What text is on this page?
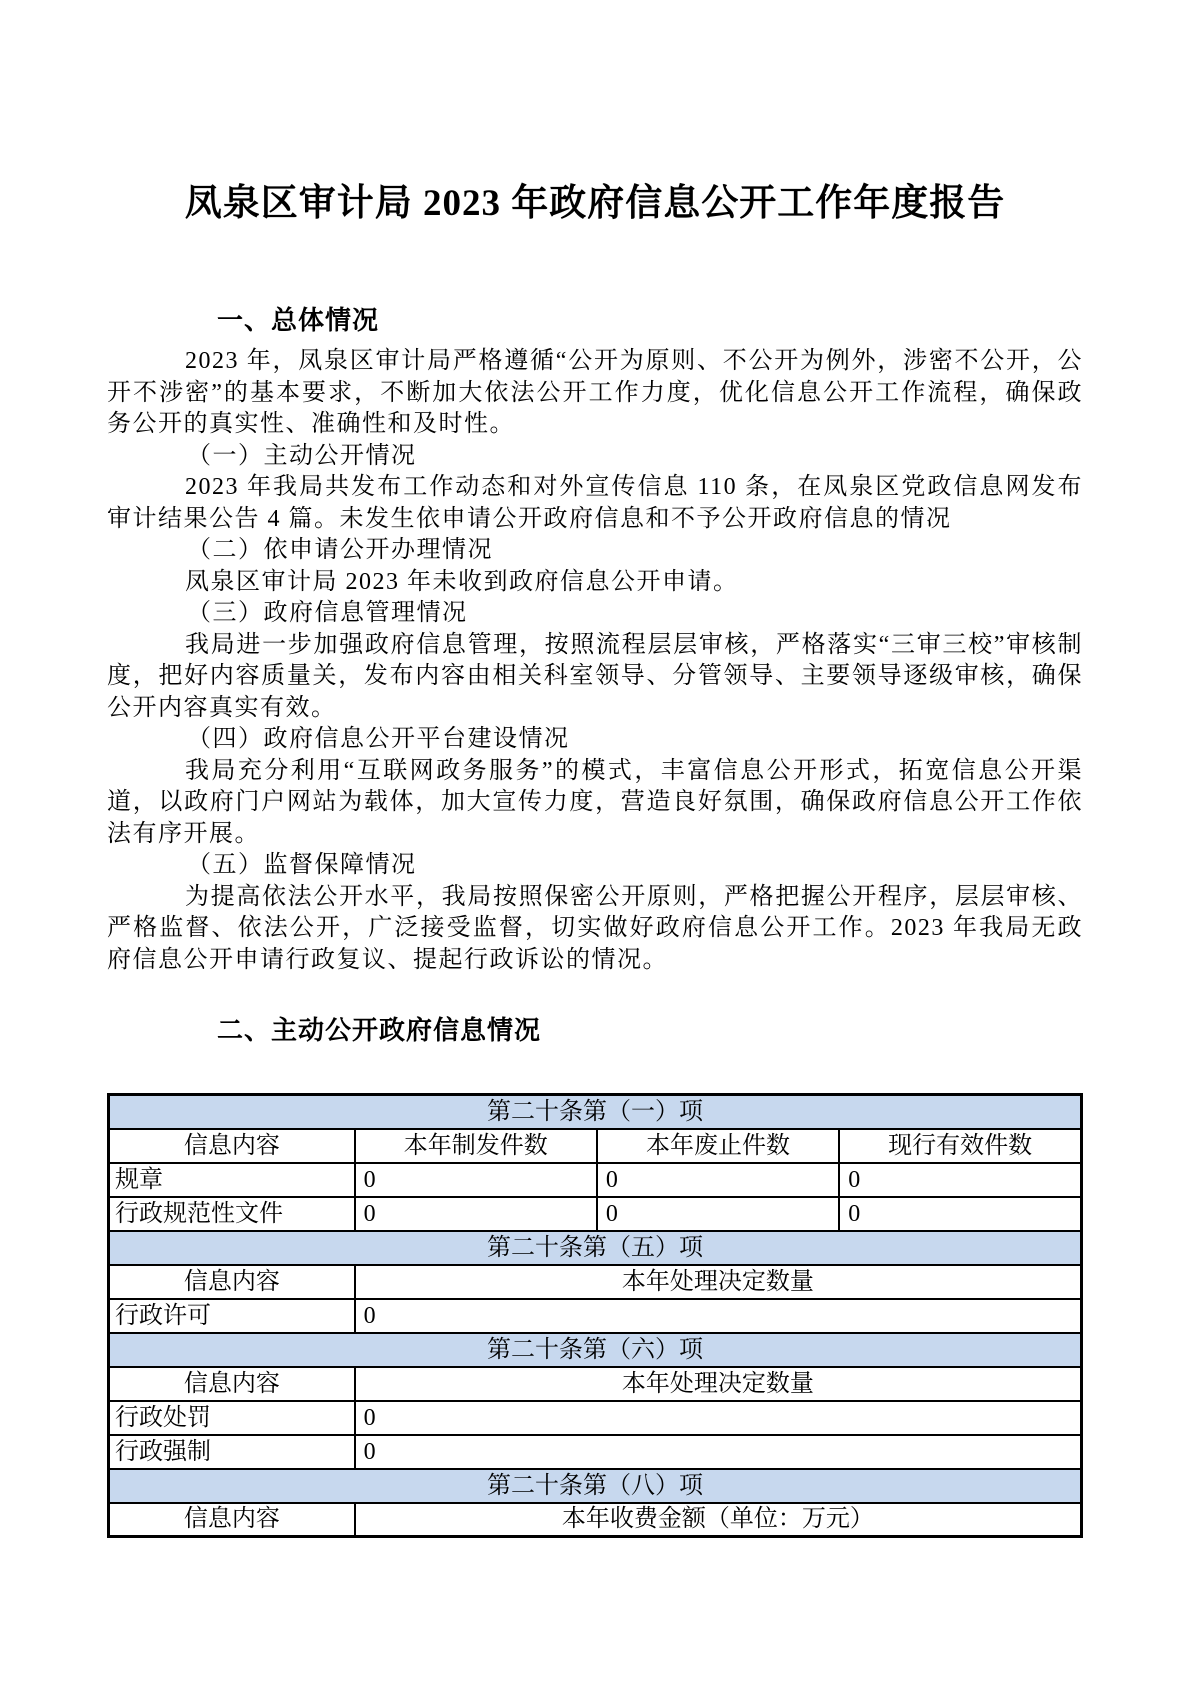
凤泉区审计局 2023 年政府信息公开工作年度报告
一、总体情况

2023 年，凤泉区审计局严格遵循“公开为原则、不公开为例外，涉密不公开，公开不涉密”的基本要求，不断加大依法公开工作力度，优化信息公开工作流程，确保政务公开的真实性、准确性和及时性。

（一）主动公开情况

2023 年我局共发布工作动态和对外宣传信息 110 条，在凤泉区党政信息网发布审计结果公告 4 篇。未发生依申请公开政府信息和不予公开政府信息的情况

（二）依申请公开办理情况

凤泉区审计局 2023 年未收到政府信息公开申请。

（三）政府信息管理情况

我局进一步加强政府信息管理，按照流程层层审核，严格落实“三审三校”审核制度，把好内容质量关，发布内容由相关科室领导、分管领导、主要领导逐级审核，确保公开内容真实有效。

（四）政府信息公开平台建设情况

我局充分利用“互联网政务服务”的模式，丰富信息公开形式，拓宽信息公开渠道，以政府门户网站为载体，加大宣传力度，营造良好氛围，确保政府信息公开工作依法有序开展。

（五）监督保障情况

为提高依法公开水平，我局按照保密公开原则，严格把握公开程序，层层审核、严格监督、依法公开，广泛接受监督，切实做好政府信息公开工作。2023 年我局无政府信息公开申请行政复议、提起行政诉讼的情况。

二、主动公开政府信息情况
第二十条第（一）项			
信息内容	本年制发件数	本年废止件数	现行有效件数
规章	0	0	0
行政规范性文件	0	0	0
第二十条第（五）项			
信息内容	本年处理决定数量		
行政许可	0		
第二十条第（六）项			
信息内容	本年处理决定数量		
行政处罚	0		
行政强制	0		
第二十条第（八）项			
信息内容	本年收费金额（单位：万元）		
